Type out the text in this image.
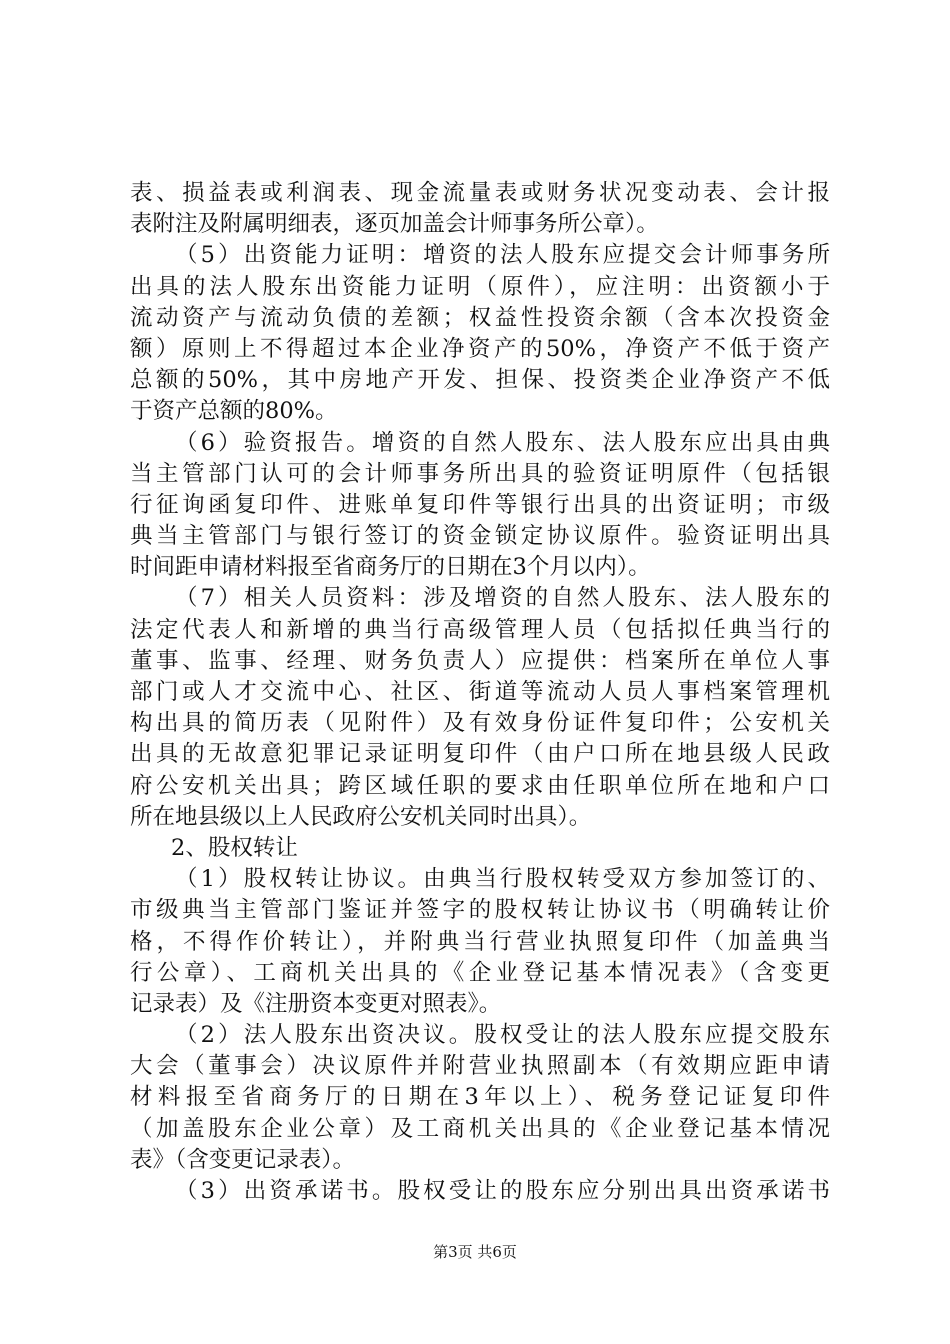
表、损益表或利润表、现金流量表或财务状况变动表、会计报
表附注及附属明细表，逐页加盖会计师事务所公章）。
（5）出资能力证明：增资的法人股东应提交会计师事务所
出具的法人股东出资能力证明（原件），应注明：出资额小于
流动资产与流动负债的差额；权益性投资余额（含本次投资金
额）原则上不得超过本企业净资产的50%，净资产不低于资产
总额的50%，其中房地产开发、担保、投资类企业净资产不低
于资产总额的80%。
（6）验资报告。增资的自然人股东、法人股东应出具由典
当主管部门认可的会计师事务所出具的验资证明原件（包括银
行征询函复印件、进账单复印件等银行出具的出资证明；市级
典当主管部门与银行签订的资金锁定协议原件。验资证明出具
时间距申请材料报至省商务厅的日期在3个月以内）。
（7）相关人员资料：涉及增资的自然人股东、法人股东的
法定代表人和新增的典当行高级管理人员（包括拟任典当行的
董事、监事、经理、财务负责人）应提供：档案所在单位人事
部门或人才交流中心、社区、街道等流动人员人事档案管理机
构出具的简历表（见附件）及有效身份证件复印件；公安机关
出具的无故意犯罪记录证明复印件（由户口所在地县级人民政
府公安机关出具；跨区域任职的要求由任职单位所在地和户口
所在地县级以上人民政府公安机关同时出具）。
2、股权转让
（1）股权转让协议。由典当行股权转受双方参加签订的、
市级典当主管部门鉴证并签字的股权转让协议书（明确转让价
格，不得作价转让），并附典当行营业执照复印件（加盖典当
行公章）、工商机关出具的《企业登记基本情况表》（含变更
记录表）及《注册资本变更对照表》。
（2）法人股东出资决议。股权受让的法人股东应提交股东
大会（董事会）决议原件并附营业执照副本（有效期应距申请
材料报至省商务厅的日期在3年以上）、税务登记证复印件
（加盖股东企业公章）及工商机关出具的《企业登记基本情况
表》（含变更记录表）。
（3）出资承诺书。股权受让的股东应分别出具出资承诺书
第3页 共6页
